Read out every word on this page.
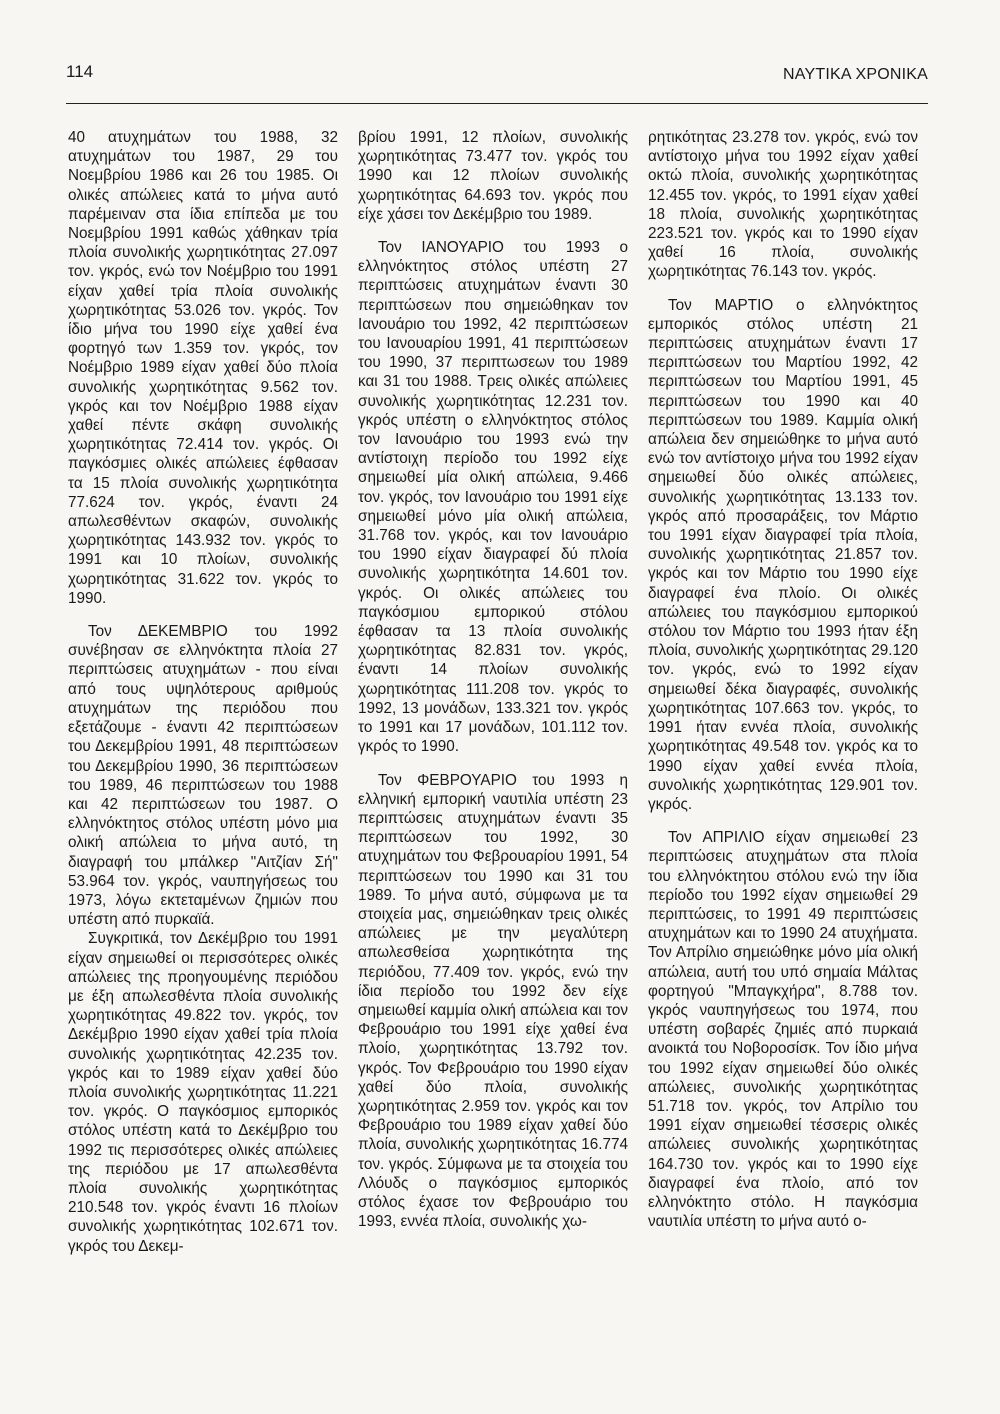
114	ΝΑΥΤΙΚΑ ΧΡΟΝΙΚΑ

40 ατυχημάτων του 1988, 32 ατυχημάτων του 1987, 29 του Νοεμβρίου 1986 και 26 του 1985. Οι ολικές απώλειες κατά το μήνα αυτό παρέμειναν στα ίδια επίπεδα με του Νοεμβρίου 1991 καθώς χάθηκαν τρία πλοία συνολικής χωρητικότητας 27.097 τον. γκρός, ενώ τον Νοέμβριο του 1991 είχαν χαθεί τρία πλοία συνολικής χωρητικότητας 53.026 τον. γκρός. Τον ίδιο μήνα του 1990 είχε χαθεί ένα φορτηγό των 1.359 τον. γκρός, τον Νοέμβριο 1989 είχαν χαθεί δύο πλοία συνολικής χωρητικότητας 9.562 τον. γκρός και τον Νοέμβριο 1988 είχαν χαθεί πέντε σκάφη συνολικής χωρητικότητας 72.414 τον. γκρός. Οι παγκόσμιες ολικές απώλειες έφθασαν τα 15 πλοία συνολικής χωρητικότητα 77.624 τον. γκρός, έναντι 24 απωλεσθέντων σκαφών, συνολικής χωρητικότητας 143.932 τον. γκρός το 1991 και 10 πλοίων, συνολικής χωρητικότητας 31.622 τον. γκρός το 1990.

Τον ΔΕΚΕΜΒΡΙΟ του 1992 συνέβησαν σε ελληνόκτητα πλοία 27 περιπτώσεις ατυχημάτων - που είναι από τους υψηλότερους αριθμούς ατυχημάτων της περιόδου που εξετάζουμε - έναντι 42 περιπτώσεων του Δεκεμβρίου 1991, 48 περιπτώσεων του Δεκεμβρίου 1990, 36 περιπτώσεων του 1989, 46 περιπτώσεων του 1988 και 42 περιπτώσεων του 1987. Ο ελληνόκτητος στόλος υπέστη μόνο μια ολική απώλεια το μήνα αυτό, τη διαγραφή του μπάλκερ "Αιτζίαν Σή" 53.964 τον. γκρός, ναυπηγήσεως του 1973, λόγω εκτεταμένων ζημιών που υπέστη από πυρκαϊά.

Συγκριτικά, τον Δεκέμβριο του 1991 είχαν σημειωθεί οι περισσότερες ολικές απώλειες της προηγουμένης περιόδου με έξη απωλεσθέντα πλοία συνολικής χωρητικότητας 49.822 τον. γκρός, τον Δεκέμβριο 1990 είχαν χαθεί τρία πλοία συνολικής χωρητικότητας 42.235 τον. γκρός και το 1989 είχαν χαθεί δύο πλοία συνολικής χωρητικότητας 11.221 τον. γκρός. Ο παγκόσμιος εμπορικός στόλος υπέστη κατά το Δεκέμβριο του 1992 τις περισσότερες ολικές απώλειες της περιόδου με 17 απωλεσθέντα πλοία συνολικής χωρητικότητας 210.548 τον. γκρός έναντι 16 πλοίων συνολικής χωρητικότητας 102.671 τον. γκρός του Δεκεμ-

βρίου 1991, 12 πλοίων, συνολικής χωρητικότητας 73.477 τον. γκρός του 1990 και 12 πλοίων συνολικής χωρητικότητας 64.693 τον. γκρός που είχε χάσει τον Δεκέμβριο του 1989.

Τον ΙΑΝΟΥΑΡΙΟ του 1993 ο ελληνόκτητος στόλος υπέστη 27 περιπτώσεις ατυχημάτων έναντι 30 περιπτώσεων που σημειώθηκαν τον Ιανουάριο του 1992, 42 περιπτώσεων του Ιανουαρίου 1991, 41 περιπτώσεων του 1990, 37 περιπτωσεων του 1989 και 31 του 1988. Τρεις ολικές απώλειες συνολικής χωρητικότητας 12.231 τον. γκρός υπέστη ο ελληνόκτητος στόλος τον Ιανουάριο του 1993 ενώ την αντίστοιχη περίοδο του 1992 είχε σημειωθεί μία ολική απώλεια, 9.466 τον. γκρός, τον Ιανουάριο του 1991 είχε σημειωθεί μόνο μία ολική απώλεια, 31.768 τον. γκρός, και τον Ιανουάριο του 1990 είχαν διαγραφεί δύ πλοία συνολικής χωρητικότητα 14.601 τον. γκρός. Οι ολικές απώλειες του παγκόσμιου εμπορικού στόλου έφθασαν τα 13 πλοία συνολικής χωρητικότητας 82.831 τον. γκρός, έναντι 14 πλοίων συνολικής χωρητικότητας 111.208 τον. γκρός το 1992, 13 μονάδων, 133.321 τον. γκρός το 1991 και 17 μονάδων, 101.112 τον. γκρός το 1990.

Τον ΦΕΒΡΟΥΑΡΙΟ του 1993 η ελληνική εμπορική ναυτιλία υπέστη 23 περιπτώσεις ατυχημάτων έναντι 35 περιπτώσεων του 1992, 30 ατυχημάτων του Φεβρουαρίου 1991, 54 περιπτώσεων του 1990 και 31 του 1989. Το μήνα αυτό, σύμφωνα με τα στοιχεία μας, σημειώθηκαν τρεις ολικές απώλειες με την μεγαλύτερη απωλεσθείσα χωρητικότητα της περιόδου, 77.409 τον. γκρός, ενώ την ίδια περίοδο του 1992 δεν είχε σημειωθεί καμμία ολική απώλεια και τον Φεβρουάριο του 1991 είχε χαθεί ένα πλοίο, χωρητικότητας 13.792 τον. γκρός. Τον Φεβρουάριο του 1990 είχαν χαθεί δύο πλοία, συνολικής χωρητικότητας 2.959 τον. γκρός και τον Φεβρουάριο του 1989 είχαν χαθεί δύο πλοία, συνολικής χωρητικότητας 16.774 τον. γκρός. Σύμφωνα με τα στοιχεία του Λλόυδς ο παγκόσμιος εμπορικός στόλος έχασε τον Φεβρουάριο του 1993, εννέα πλοία, συνολικής χω-

ρητικότητας 23.278 τον. γκρός, ενώ τον αντίστοιχο μήνα του 1992 είχαν χαθεί οκτώ πλοία, συνολικής χωρητικότητας 12.455 τον. γκρός, το 1991 είχαν χαθεί 18 πλοία, συνολικής χωρητικότητας 223.521 τον. γκρός και το 1990 είχαν χαθεί 16 πλοία, συνολικής χωρητικότητας 76.143 τον. γκρός.

Τον ΜΑΡΤΙΟ ο ελληνόκτητος εμπορικός στόλος υπέστη 21 περιπτώσεις ατυχημάτων έναντι 17 περιπτώσεων του Μαρτίου 1992, 42 περιπτώσεων του Μαρτίου 1991, 45 περιπτώσεων του 1990 και 40 περιπτώσεων του 1989. Καμμία ολική απώλεια δεν σημειώθηκε το μήνα αυτό ενώ τον αντίστοιχο μήνα του 1992 είχαν σημειωθεί δύο ολικές απώλειες, συνολικής χωρητικότητας 13.133 τον. γκρός από προσαράξεις, τον Μάρτιο του 1991 είχαν διαγραφεί τρία πλοία, συνολικής χωρητικότητας 21.857 τον. γκρός και τον Μάρτιο του 1990 είχε διαγραφεί ένα πλοίο. Οι ολικές απώλειες του παγκόσμιου εμπορικού στόλου τον Μάρτιο του 1993 ήταν έξη πλοία, συνολικής χωρητικότητας 29.120 τον. γκρός, ενώ το 1992 είχαν σημειωθεί δέκα διαγραφές, συνολικής χωρητικότητας 107.663 τον. γκρός, το 1991 ήταν εννέα πλοία, συνολικής χωρητικότητας 49.548 τον. γκρός κα το 1990 είχαν χαθεί εννέα πλοία, συνολικής χωρητικότητας 129.901 τον. γκρός.

Τον ΑΠΡΙΛΙΟ είχαν σημειωθεί 23 περιπτώσεις ατυχημάτων στα πλοία του ελληνόκτητου στόλου ενώ την ίδια περίοδο του 1992 είχαν σημειωθεί 29 περιπτώσεις, το 1991 49 περιπτώσεις ατυχημάτων και το 1990 24 ατυχήματα. Τον Απρίλιο σημειώθηκε μόνο μία ολική απώλεια, αυτή του υπό σημαία Μάλτας φορτηγού "Μπαγκχήρα", 8.788 τον. γκρός ναυπηγήσεως του 1974, που υπέστη σοβαρές ζημιές από πυρκαιά ανοικτά του Νοβοροσίσκ. Τον ίδιο μήνα του 1992 είχαν σημειωθεί δύο ολικές απώλειες, συνολικής χωρητικότητας 51.718 τον. γκρός, τον Απρίλιο του 1991 είχαν σημειωθεί τέσσερις ολικές απώλειες συνολικής χωρητικότητας 164.730 τον. γκρός και το 1990 είχε διαγραφεί ένα πλοίο, από τον ελληνόκτητο στόλο. Η παγκόσμια ναυτιλία υπέστη το μήνα αυτό ο-
